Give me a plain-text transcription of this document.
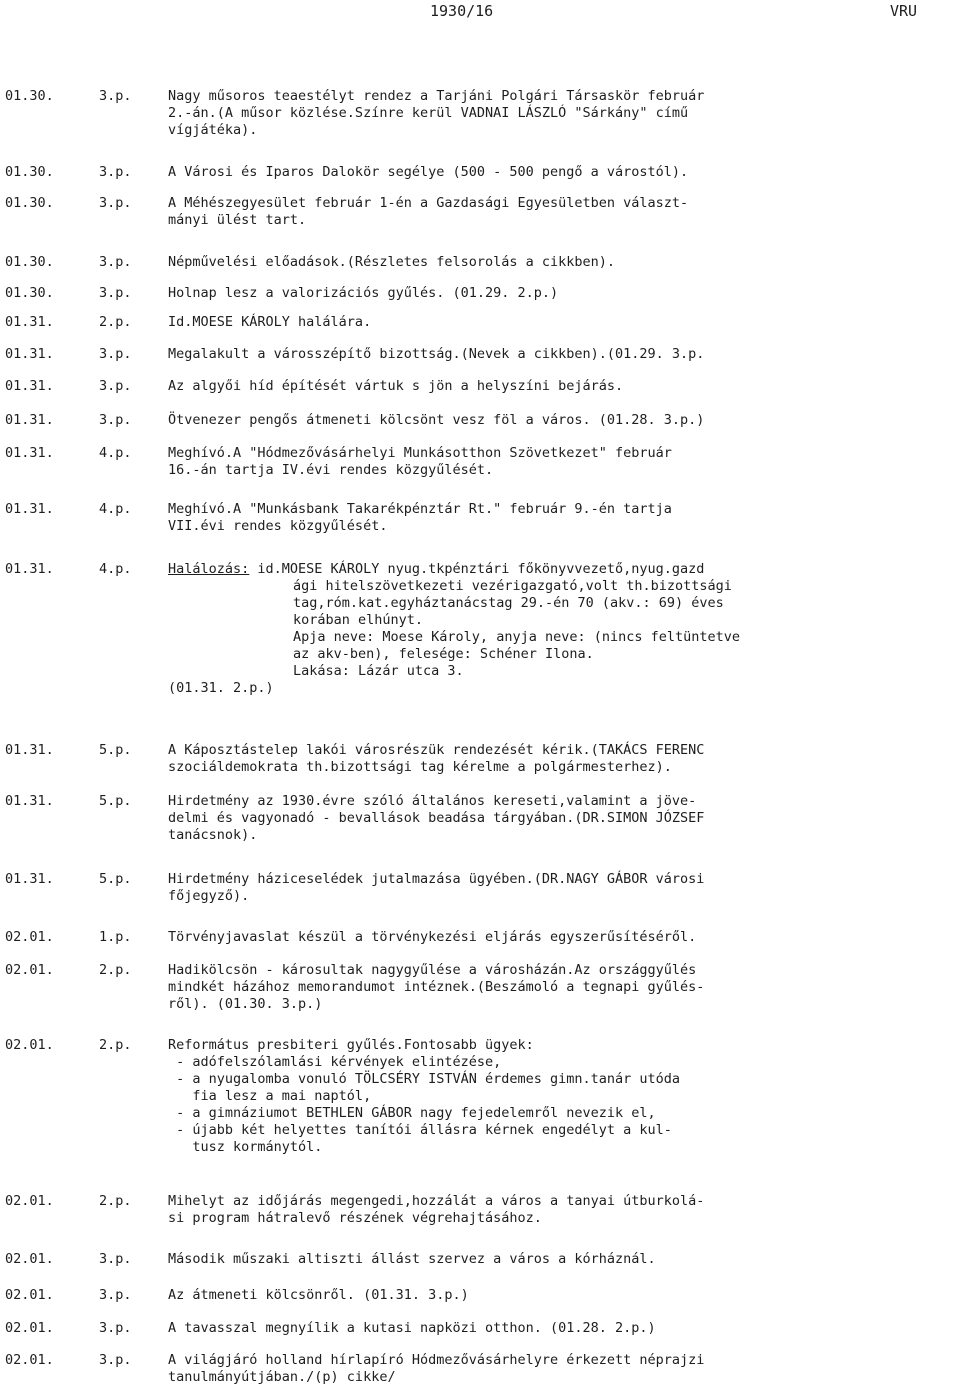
1930/16	VRU
01.30.	3.p.	Nagy műsoros teaestélyt rendez a Tarjáni Polgári Társaskör február
2.-án.(A műsor közlése.Színre kerül VADNAI LÁSZLÓ "Sárkány" című
vígjátéka).
01.30.	3.p.	A Városi és Iparos Dalokör segélye (500 - 500 pengő a várostól).
01.30.	3.p.	A Méhészegyesület február 1-én a Gazdasági Egyesületben választ-
mányi ülést tart.
01.30.	3.p.	Népművelési előadások.(Részletes felsorolás a cikkben).
01.30.	3.p.	Holnap lesz a valorizációs gyűlés. (01.29. 2.p.)
01.31.	2.p.	Id.MOESE KÁROLY halálára.
01.31.	3.p.	Megalakult a városszépítő bizottság.(Nevek a cikkben).(01.29. 3.p.
01.31.	3.p.	Az algyői híd építését vártuk s jön a helyszíni bejárás.
01.31.	3.p.	Ötvenezer pengős átmeneti kölcsönt vesz föl a város. (01.28. 3.p.)
01.31.	4.p.	Meghívó.A "Hódmezővásárhelyi Munkásotthon Szövetkezet" február
16.-án tartja IV.évi rendes közgyűlését.
01.31.	4.p.	Meghívó.A "Munkásbank Takarékpénztár Rt." február 9.-én tartja
VII.évi rendes közgyűlését.
01.31.	4.p.	Halálozás: id.MOESE KÁROLY nyug.tkpénztári főkönyvvezető,nyug.gazd
ági hitelszövetkezeti vezérigazgató,volt th.bizottsági
tag,róm.kat.egyháztanácstag 29.-én 70 (akv.: 69) éves
korában elhúnyt.
Apja neve: Moese Károly, anyja neve: (nincs feltüntetve
az akv-ben), felesége: Schéner Ilona.
Lakása: Lázár utca 3.
(01.31. 2.p.)
01.31.	5.p.	A Káposztástelep lakói városrészük rendezését kérik.(TAKÁCS FERENC
szociáldemokrata th.bizottsági tag kérelme a polgármesterhez).
01.31.	5.p.	Hirdetmény az 1930.évre szóló általános kereseti,valamint a jöve-
delmi és vagyonadó - bevallások beadása tárgyában.(DR.SIMON JÓZSEF
tanácsnok).
01.31.	5.p.	Hirdetmény háziceselédek jutalmazása ügyében.(DR.NAGY GÁBOR városi
főjegyző).
02.01.	1.p.	Törvényjavaslat készül a törvénykezési eljárás egyszerűsítéséről.
02.01.	2.p.	Hadikölcsön - károsultak nagygyűlése a városházán.Az országgyűlés
mindkét házához memorandumot intéznek.(Beszámoló a tegnapi gyűlés-
ről). (01.30. 3.p.)
02.01.	2.p.	Református presbiteri gyűlés.Fontosabb ügyek:
- adófelszólamlási kérvények elintézése,
- a nyugalomba vonuló TÖLCSÉRY ISTVÁN érdemes gimn.tanár utóda
fia lesz a mai naptól,
- a gimnáziumot BETHLEN GÁBOR nagy fejedelemről nevezik el,
- újabb két helyettes tanítói állásra kérnek engedélyt a kul-
tusz kormánytól.
02.01.	2.p.	Mihelyt az időjárás megengedi,hozzálát a város a tanyai útburkolá-
si program hátralevő részének végrehajtásához.
02.01.	3.p.	Második műszaki altiszti állást szervez a város a kórháznál.
02.01.	3.p.	Az átmeneti kölcsönről. (01.31. 3.p.)
02.01.	3.p.	A tavasszal megnyílik a kutasi napközi otthon. (01.28. 2.p.)
02.01.	3.p.	A világjáró holland hírlapíró Hódmezővásárhelyre érkezett néprajzi
tanulmányútjában./(p) cikke/
